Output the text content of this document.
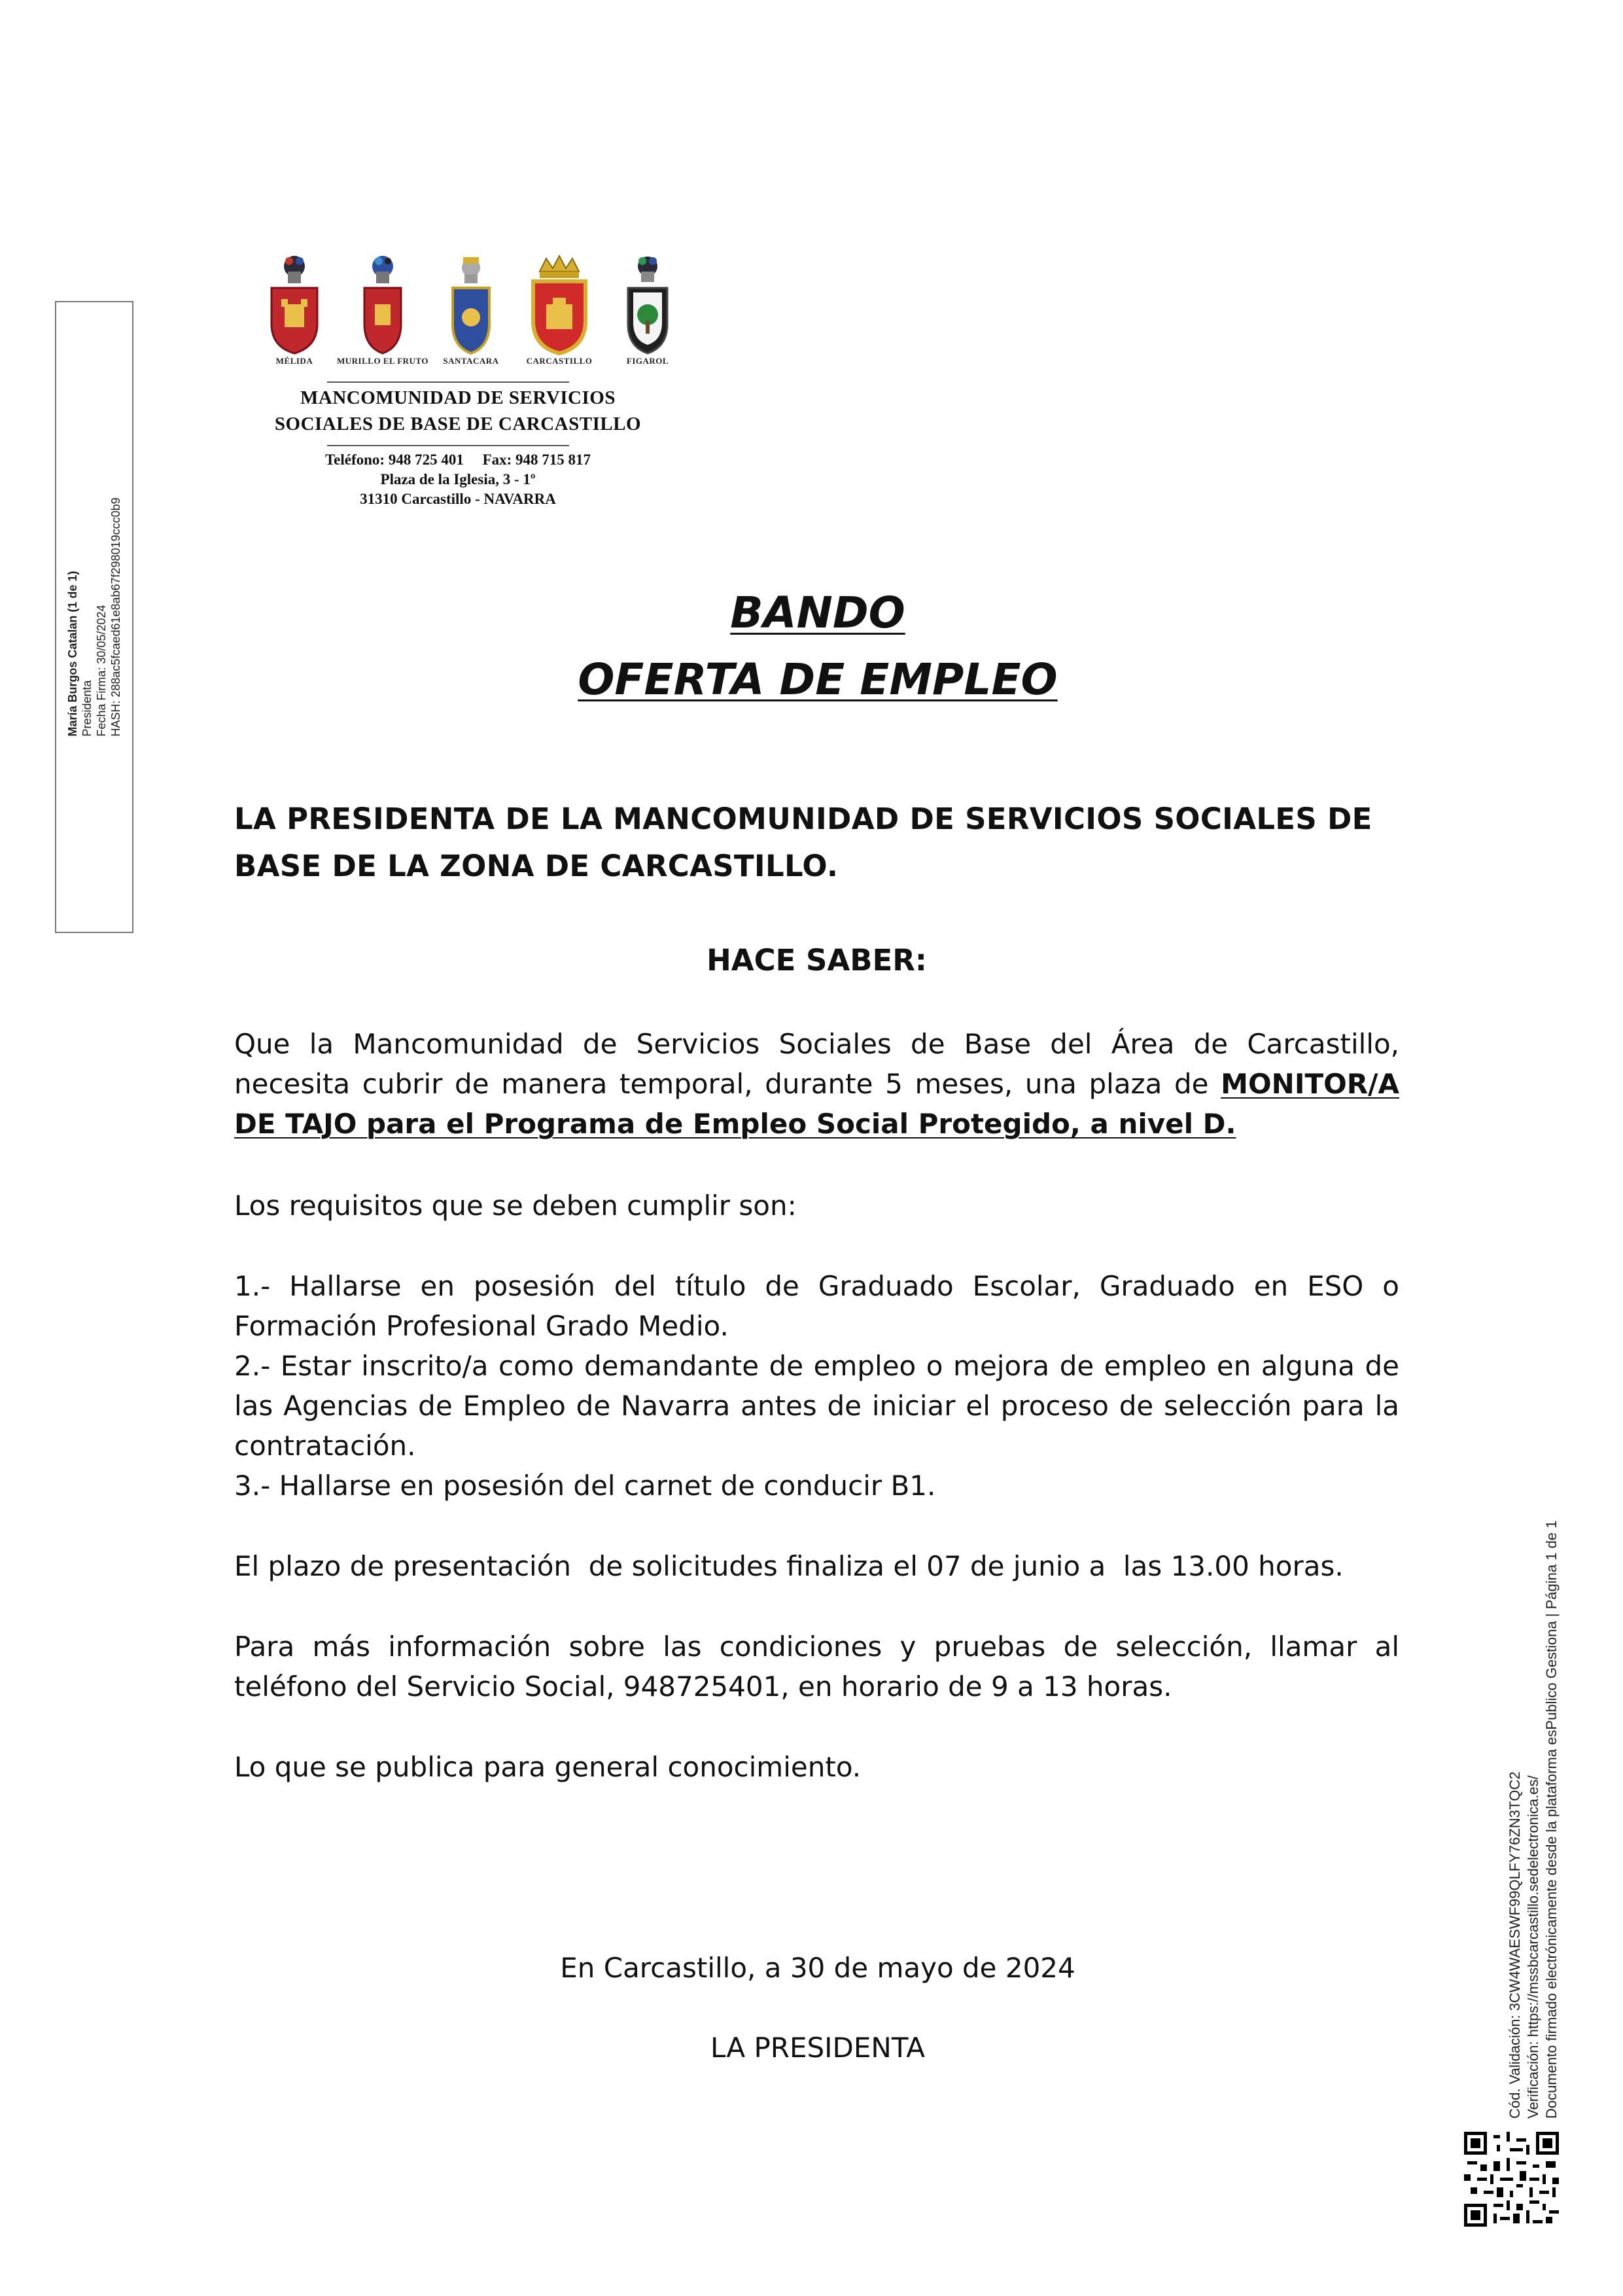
María Burgos Catalan (1 de 1) Presidenta Fecha Firma: 30/05/2024 HASH: 288ac5fcaed61e8ab67f298019ccc0b9
MÉLIDA	MURILLO EL FRUTO	SANTACARA	CARCASTILLO	FIGAROL
MANCOMUNIDAD DE SERVICIOS
SOCIALES DE BASE DE CARCASTILLO
Teléfono: 948 725 401     Fax: 948 715 817
Plaza de la Iglesia, 3 - 1º
31310 Carcastillo - NAVARRA
BANDO
OFERTA DE EMPLEO
LA PRESIDENTA DE LA MANCOMUNIDAD DE SERVICIOS SOCIALES DE BASE DE LA ZONA DE CARCASTILLO.
HACE SABER:
Que la Mancomunidad de Servicios Sociales de Base del Área de Carcastillo, necesita cubrir de manera temporal, durante 5 meses, una plaza de MONITOR/A DE TAJO para el Programa de Empleo Social Protegido, a nivel D.
Los requisitos que se deben cumplir son:
1.- Hallarse en posesión del título de Graduado Escolar, Graduado en ESO o Formación Profesional Grado Medio.
2.- Estar inscrito/a como demandante de empleo o mejora de empleo en alguna de las Agencias de Empleo de Navarra antes de iniciar el proceso de selección para la contratación.
3.- Hallarse en posesión del carnet de conducir B1.
El plazo de presentación  de solicitudes finaliza el 07 de junio a  las 13.00 horas.
Para más información sobre las condiciones y pruebas de selección, llamar al teléfono del Servicio Social, 948725401, en horario de 9 a 13 horas.
Lo que se publica para general conocimiento.
En Carcastillo, a 30 de mayo de 2024
LA PRESIDENTA	Cód. Validación: 3CW4WAESWF99QLFY76ZN3TQC2 Verificación: https://mssbcarcastillo.sedelectronica.es/ Documento firmado electrónicamente desde la plataforma esPublico Gestiona | Página 1 de 1
